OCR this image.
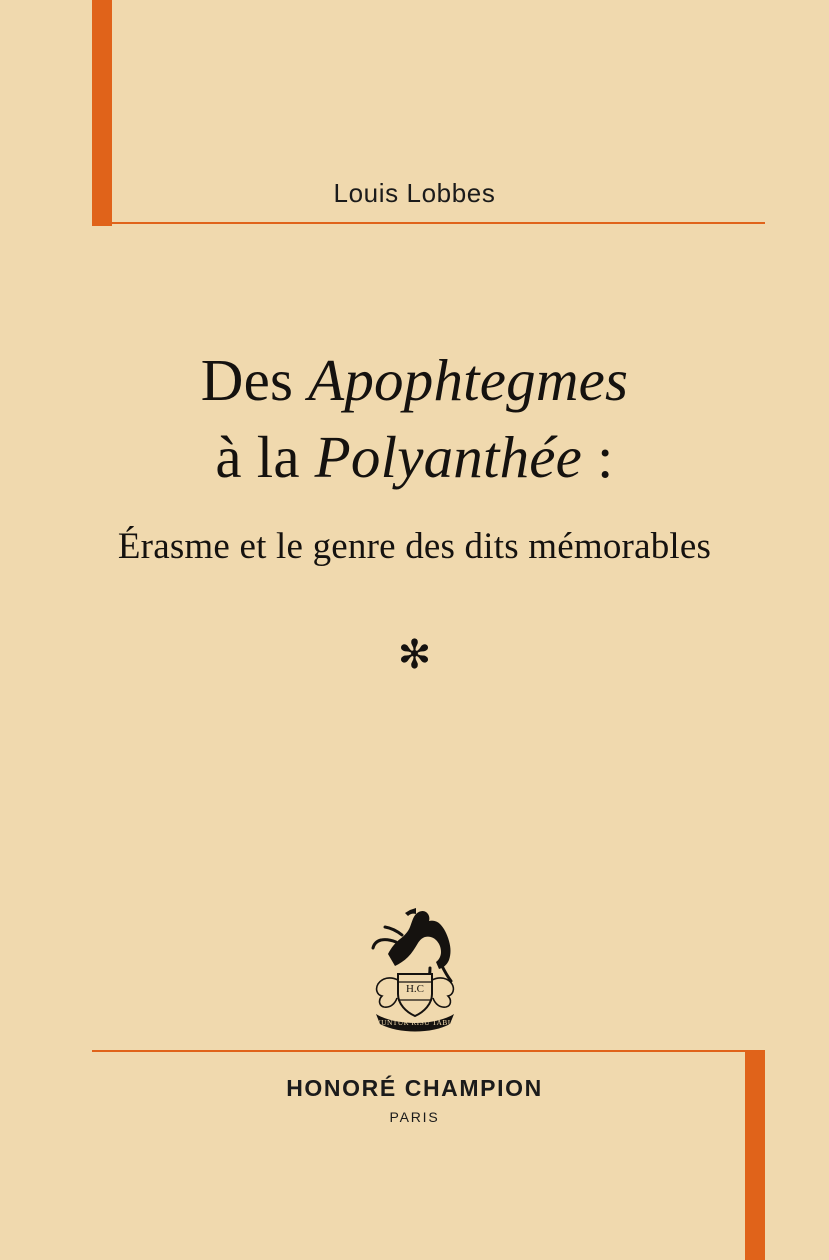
Louis Lobbes
Des Apophtegmes
à la Polyanthée :
Érasme et le genre des dits mémorables
✻
H.C
SOLVUNTUR RISU TABULAE
HONORÉ CHAMPION
PARIS
